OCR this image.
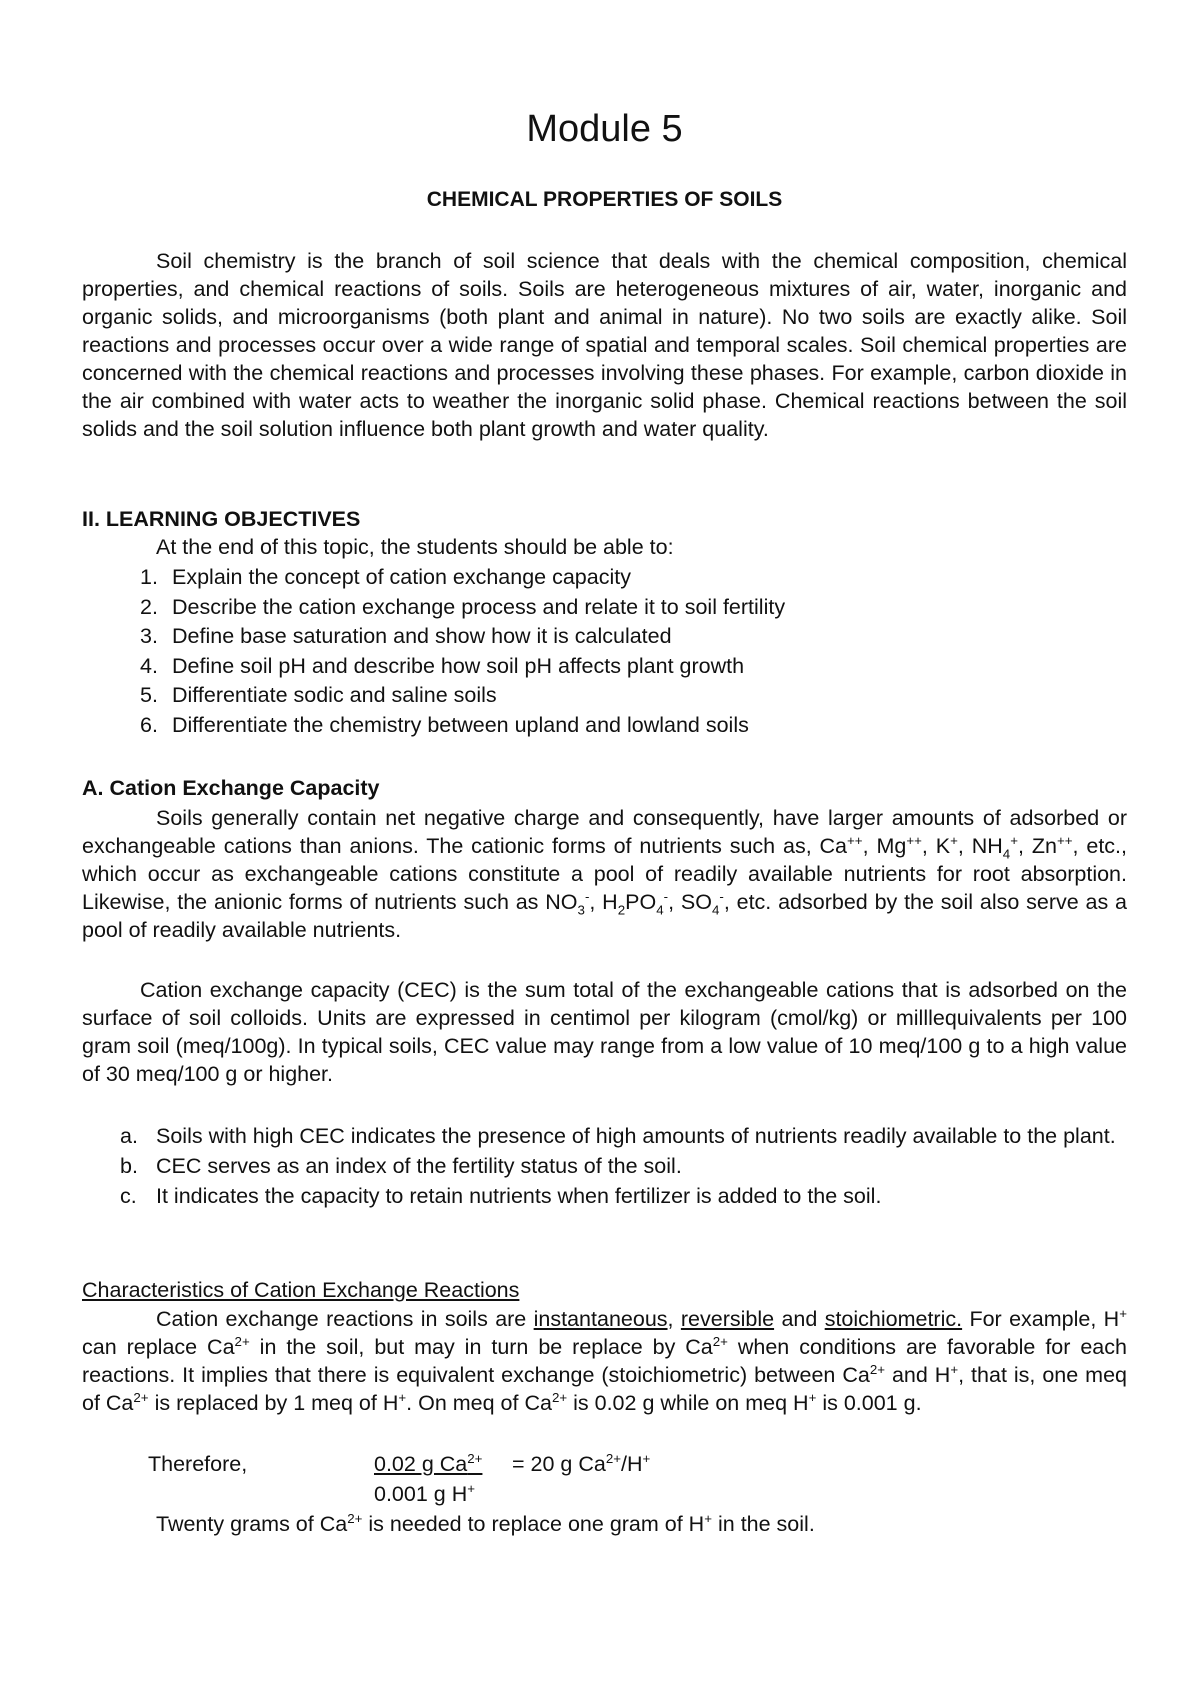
Module 5
CHEMICAL PROPERTIES OF SOILS
Soil chemistry is the branch of soil science that deals with the chemical composition, chemical properties, and chemical reactions of soils. Soils are heterogeneous mixtures of air, water, inorganic and organic solids, and microorganisms (both plant and animal in nature). No two soils are exactly alike. Soil reactions and processes occur over a wide range of spatial and temporal scales. Soil chemical properties are concerned with the chemical reactions and processes involving these phases. For example, carbon dioxide in the air combined with water acts to weather the inorganic solid phase. Chemical reactions between the soil solids and the soil solution influence both plant growth and water quality.
II. LEARNING OBJECTIVES
At the end of this topic, the students should be able to:
1. Explain the concept of cation exchange capacity
2. Describe the cation exchange process and relate it to soil fertility
3. Define base saturation and show how it is calculated
4. Define soil pH and describe how soil pH affects plant growth
5. Differentiate sodic and saline soils
6. Differentiate the chemistry between upland and lowland soils
A. Cation Exchange Capacity
Soils generally contain net negative charge and consequently, have larger amounts of adsorbed or exchangeable cations than anions. The cationic forms of nutrients such as, Ca++, Mg++, K+, $NH_4^+$, Zn++, etc., which occur as exchangeable cations constitute a pool of readily available nutrients for root absorption. Likewise, the anionic forms of nutrients such as $NO_3^-$, $H_2PO_4^-$, $SO_4^-$, etc. adsorbed by the soil also serve as a pool of readily available nutrients.
Cation exchange capacity (CEC) is the sum total of the exchangeable cations that is adsorbed on the surface of soil colloids. Units are expressed in centimol per kilogram (cmol/kg) or milllequivalents per 100 gram soil (meq/100g). In typical soils, CEC value may range from a low value of 10 meq/100 g to a high value of 30 meq/100 g or higher.
a. Soils with high CEC indicates the presence of high amounts of nutrients readily available to the plant.
b. CEC serves as an index of the fertility status of the soil.
c. It indicates the capacity to retain nutrients when fertilizer is added to the soil.
Characteristics of Cation Exchange Reactions
Cation exchange reactions in soils are instantaneous, reversible and stoichiometric. For example, H+ can replace $Ca^{2+}$ in the soil, but may in turn be replace by $Ca^{2+}$ when conditions are favorable for each reactions. It implies that there is equivalent exchange (stoichiometric) between $Ca^{2+}$ and H+, that is, one meq of $Ca^{2+}$ is replaced by 1 meq of H+. On meq of $Ca^{2+}$ is 0.02 g while on meq H+ is 0.001 g.
Therefore,	0.02 g $Ca^{2+} = 20$ g $Ca^{2+}/H^+$
0.001 g H+
Twenty grams of $Ca^{2+}$ is needed to replace one gram of H+ in the soil.
